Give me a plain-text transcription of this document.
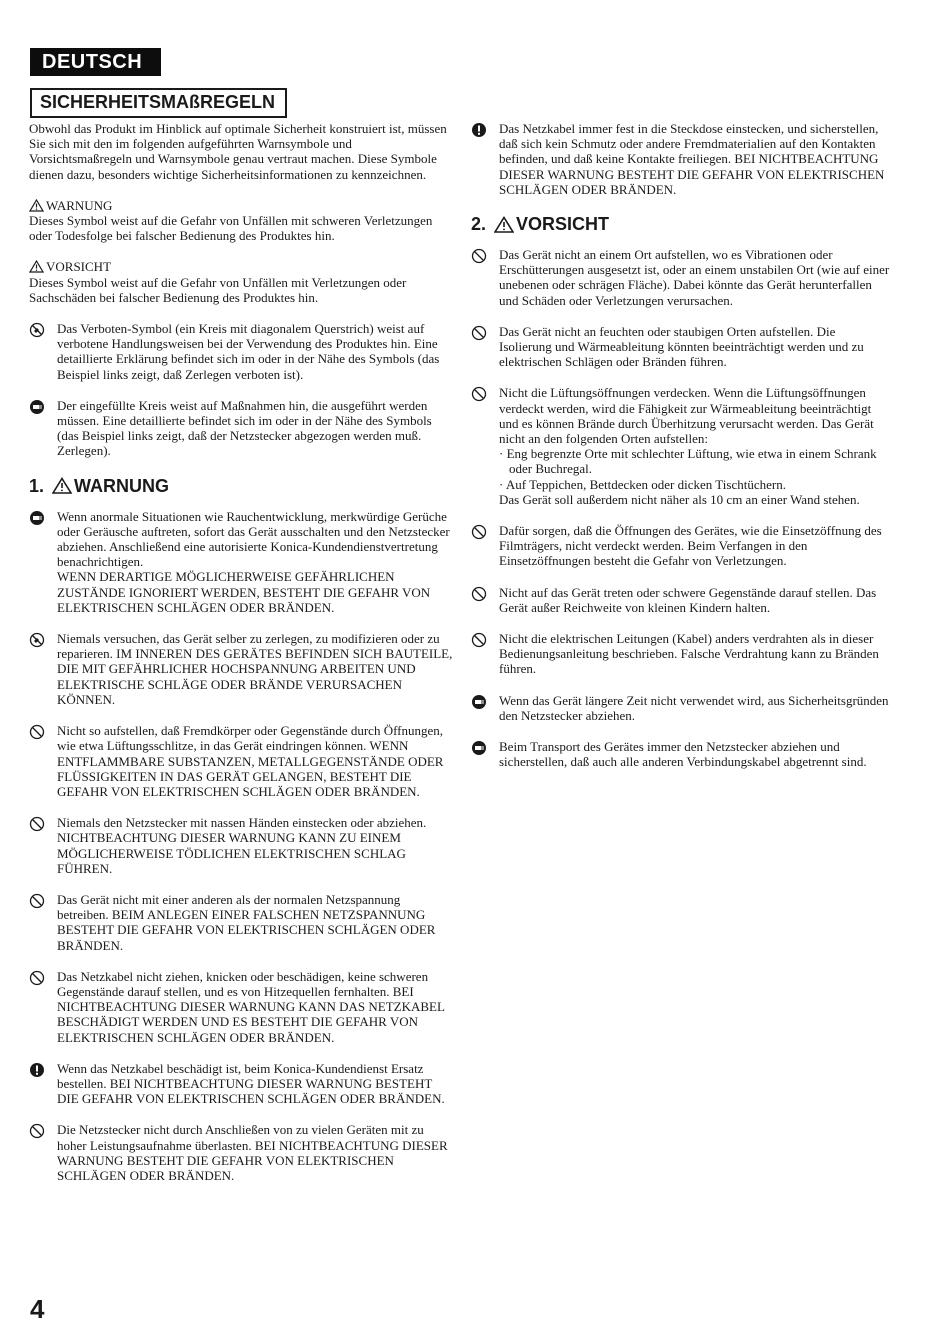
DEUTSCH
SICHERHEITSMAßREGELN

Obwohl das Produkt im Hinblick auf optimale Sicherheit konstruiert ist, müssen Sie sich mit den im folgenden aufgeführten Warnsymbole und Vorsichtsmaßregeln und Warnsymbole genau vertraut machen. Diese Symbole dienen dazu, besonders wichtige Sicherheitsinformationen zu kennzeichnen.

WARNUNG

Dieses Symbol weist auf die Gefahr von Unfällen mit schweren Verletzungen oder Todesfolge bei falscher Bedienung des Produktes hin.

VORSICHT

Dieses Symbol weist auf die Gefahr von Unfällen mit Verletzungen oder Sachschäden bei falscher Bedienung des Produktes hin.

Das Verboten-Symbol (ein Kreis mit diagonalem Querstrich) weist auf verbotene Handlungsweisen bei der Verwendung des Produktes hin. Eine detaillierte Erklärung befindet sich im oder in der Nähe des Symbols (das Beispiel links zeigt, daß Zerlegen verboten ist).

Der eingefüllte Kreis weist auf Maßnahmen hin, die ausgeführt werden müssen. Eine detaillierte befindet sich im oder in der Nähe des Symbols (das Beispiel links zeigt, daß der Netzstecker abgezogen werden muß. Zerlegen).

1. WARNUNG

Wenn anormale Situationen wie Rauchentwicklung, merkwürdige Gerüche oder Geräusche auftreten, sofort das Gerät ausschalten und den Netzstecker abziehen. Anschließend eine autorisierte Konica-Kundendienstvertretung benachrichtigen.

WENN DERARTIGE MÖGLICHERWEISE GEFÄHRLICHEN ZUSTÄNDE IGNORIERT WERDEN, BESTEHT DIE GEFAHR VON ELEKTRISCHEN SCHLÄGEN ODER BRÄNDEN.

Niemals versuchen, das Gerät selber zu zerlegen, zu modifizieren oder zu reparieren. IM INNEREN DES GERÄTES BEFINDEN SICH BAUTEILE, DIE MIT GEFÄHRLICHER HOCHSPANNUNG ARBEITEN UND ELEKTRISCHE SCHLÄGE ODER BRÄNDE VERURSACHEN KÖNNEN.

Nicht so aufstellen, daß Fremdkörper oder Gegenstände durch Öffnungen, wie etwa Lüftungsschlitze, in das Gerät eindringen können. WENN ENTFLAMMBARE SUBSTANZEN, METALLGEGENSTÄNDE ODER FLÜSSIGKEITEN IN DAS GERÄT GELANGEN, BESTEHT DIE GEFAHR VON ELEKTRISCHEN SCHLÄGEN ODER BRÄNDEN.

Niemals den Netzstecker mit nassen Händen einstecken oder abziehen. NICHTBEACHTUNG DIESER WARNUNG KANN ZU EINEM MÖGLICHERWEISE TÖDLICHEN ELEKTRISCHEN SCHLAG FÜHREN.

Das Gerät nicht mit einer anderen als der normalen Netzspannung betreiben. BEIM ANLEGEN EINER FALSCHEN NETZSPANNUNG BESTEHT DIE GEFAHR VON ELEKTRISCHEN SCHLÄGEN ODER BRÄNDEN.

Das Netzkabel nicht ziehen, knicken oder beschädigen, keine schweren Gegenstände darauf stellen, und es von Hitzequellen fernhalten. BEI NICHTBEACHTUNG DIESER WARNUNG KANN DAS NETZKABEL BESCHÄDIGT WERDEN UND ES BESTEHT DIE GEFAHR VON ELEKTRISCHEN SCHLÄGEN ODER BRÄNDEN.

Wenn das Netzkabel beschädigt ist, beim Konica-Kundendienst Ersatz bestellen. BEI NICHTBEACHTUNG DIESER WARNUNG BESTEHT DIE GEFAHR VON ELEKTRISCHEN SCHLÄGEN ODER BRÄNDEN.

Die Netzstecker nicht durch Anschließen von zu vielen Geräten mit zu hoher Leistungsaufnahme überlasten. BEI NICHTBEACHTUNG DIESER WARNUNG BESTEHT DIE GEFAHR VON ELEKTRISCHEN SCHLÄGEN ODER BRÄNDEN.

Das Netzkabel immer fest in die Steckdose einstecken, und sicherstellen, daß sich kein Schmutz oder andere Fremdmaterialien auf den Kontakten befinden, und daß keine Kontakte freiliegen. BEI NICHTBEACHTUNG DIESER WARNUNG BESTEHT DIE GEFAHR VON ELEKTRISCHEN SCHLÄGEN ODER BRÄNDEN.

2. VORSICHT

Das Gerät nicht an einem Ort aufstellen, wo es Vibrationen oder Erschütterungen ausgesetzt ist, oder an einem unstabilen Ort (wie auf einer unebenen oder schrägen Fläche). Dabei könnte das Gerät herunterfallen und Schäden oder Verletzungen verursachen.

Das Gerät nicht an feuchten oder staubigen Orten aufstellen. Die Isolierung und Wärmeableitung könnten beeinträchtigt werden und zu elektrischen Schlägen oder Bränden führen.

Nicht die Lüftungsöffnungen verdecken. Wenn die Lüftungsöffnungen verdeckt werden, wird die Fähigkeit zur Wärmeableitung beeinträchtigt und es können Brände durch Überhitzung verursacht werden. Das Gerät nicht an den folgenden Orten aufstellen:

· Eng begrenzte Orte mit schlechter Lüftung, wie etwa in einem Schrank oder Buchregal.
· Auf Teppichen, Bettdecken oder dicken Tischtüchern.

Das Gerät soll außerdem nicht näher als 10 cm an einer Wand stehen.

Dafür sorgen, daß die Öffnungen des Gerätes, wie die Einsetzöffnung des Filmträgers, nicht verdeckt werden. Beim Verfangen in den Einsetzöffnungen besteht die Gefahr von Verletzungen.

Nicht auf das Gerät treten oder schwere Gegenstände darauf stellen. Das Gerät außer Reichweite von kleinen Kindern halten.

Nicht die elektrischen Leitungen (Kabel) anders verdrahten als in dieser Bedienungsanleitung beschrieben. Falsche Verdrahtung kann zu Bränden führen.

Wenn das Gerät längere Zeit nicht verwendet wird, aus Sicherheitsgründen den Netzstecker abziehen.

Beim Transport des Gerätes immer den Netzstecker abziehen und sicherstellen, daß auch alle anderen Verbindungskabel abgetrennt sind.

4
